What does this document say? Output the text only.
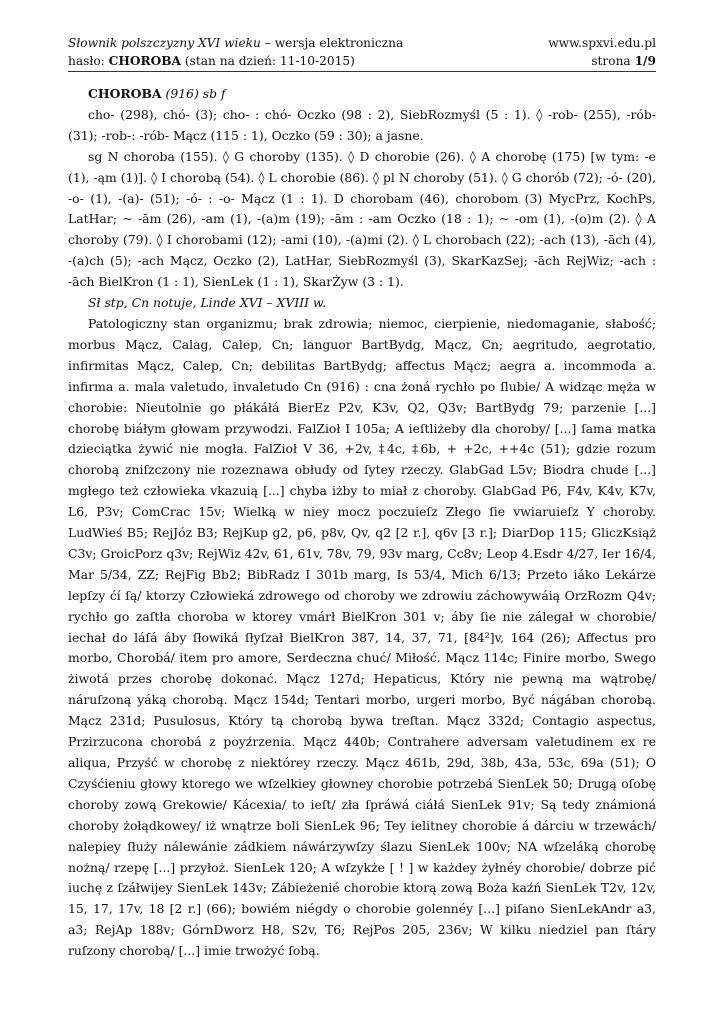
Słownik polszczyzny XVI wieku – wersja elektroniczna	www.spxvi.edu.pl
hasło: CHOROBA (stan na dzień: 11-10-2015)	strona 1/9

CHOROBA (916) sb f

cho- (298), chó- (3); cho- : chó- Oczko (98 : 2), SiebRozmyśl (5 : 1). ◊ -rob- (255), -rób- (31); -rob-: -rób- Mącz (115 : 1), Oczko (59 : 30); a jasne.

sg N choroba (155). ◊ G choroby (135). ◊ D chorobie (26). ◊ A chorobę (175) [w tym: -e (1), -ąm (1)]. ◊ I chorobą (54). ◊ L chorobie (86). ◊ pl N choroby (51). ◊ G chorób (72); -ó- (20), -o- (1), -(a)- (51); -ó- : -o- Mącz (1 : 1). D chorobam (46), chorobom (3) MycPrz, KochPs, LatHar; ~ -ām (26), -am (1), -(a)m (19); -ām : -am Oczko (18 : 1); ~ -om (1), -(o)m (2). ◊ A choroby (79). ◊ I chorobami (12); -ami (10), -(a)mi (2). ◊ L chorobach (22); -ach (13), -āch (4), -(a)ch (5); -ach Mącz, Oczko (2), LatHar, SiebRozmyśl (3), SkarKazSej; -āch RejWiz; -ach : -āch BielKron (1 : 1), SienLek (1 : 1), SkarŻyw (3 : 1).

Sł stp, Cn notuje, Linde XVI – XVIII w.

Patologiczny stan organizmu; brak zdrowia; niemoc, cierpienie, niedomaganie, słabość; morbus Mącz, Calag, Calep, Cn; languor BartBydg, Mącz, Cn; aegritudo, aegrotatio, infirmitas Mącz, Calep, Cn; debilitas BartBydg; affectus Mącz; aegra a. incommoda a. infirma a. mala valetudo, invaletudo Cn (916) : cna żoná rychło po ſlubie/ A widząc męża w chorobie: Nieutolnie go płákáłá BierEz P2v, K3v, Q2, Q3v; BartBydg 79; parzenie [...] chorobę biáłym głowam przywodzi. FalZioł I 105a; A ieſtliżeby dla choroby/ [...] ſama matka dzieciątka żywić nie mogła. FalZioł V 36, +2v, ‡4c, ‡6b, + +2c, ++4c (51); gdzie rozum chorobą zniſzczony nie rozeznawa obłudy od ſytey rzeczy. GlabGad L5v; Biodra chude [...] mgłego też człowieka vkazuią [...] chyba iżby to miał z choroby. GlabGad P6, F4v, K4v, K7v, L6, P3v; ComCrac 15v; Wielką w niey mocz poczuieſz Złego ſie vwiaruieſz Y choroby. LudWieś B5; RejJóz B3; RejKup g2, p6, p8v, Qv, q2 [2 r.], q6v [3 r.]; DiarDop 115; GliczKsiąż C3v; GroicPorz q3v; RejWiz 42v, 61, 61v, 78v, 79, 93v marg, Cc8v; Leop 4.Esdr 4/27, Ier 16/4, Mar 5/34, ZZ; RejFig Bb2; BibRadz I 301b marg, Is 53/4, Mich 6/13; Przeto iáko Lekárze lepſzy ćí ſą/ ktorzy Człowieká zdrowego od choroby we zdrowiu záchowywáią OrzRozm Q4v; rychło go zaſtła choroba w ktorey vmárł BielKron 301 v; áby ſie nie zálegał w chorobie/ iechał do láſá áby ſłowiká ſłyſzał BielKron 387, 14, 37, 71, [84²]v, 164 (26); Affectus pro morbo, Chorobá/ item pro amore, Serdeczna chuć/ Miłość. Mącz 114c; Finire morbo, Swego żiwotá przes chorobę dokonać. Mącz 127d; Hepaticus, Który nie pewną ma wątrobę/ náruſzoną yáką chorobą. Mącz 154d; Tentari morbo, urgeri morbo, Być nágában chorobą. Mącz 231d; Pusulosus, Który tą chorobą bywa treſtan. Mącz 332d; Contagio aspectus, Przirzucona chorobá z poyźrzenia. Mącz 440b; Contrahere adversam valetudinem ex re aliqua, Przyść w chorobę z niektórey rzeczy. Mącz 461b, 29d, 38b, 43a, 53c, 69a (51); O Czyśćieniu głowy ktorego we wſzelkiey głowney chorobie potrzebá SienLek 50; Drugą oſobę choroby zową Grekowie/ Kácexia/ to ieſt/ zła ſpráwá ciáłá SienLek 91v; Są tedy známioná choroby żołądkowey/ iż wnątrze boli SienLek 96; Tey ielitney chorobie á dárciu w trzewách/ nalepiey ſłuży nálewánie zádkiem náwárzywſzy ślazu SienLek 100v; NA wſzeláką chorobę nożną/ rzepę [...] przyłoż. SienLek 120; A wſzykże [ ! ] w każdey żyłnéy chorobie/ dobrze pić iuchę z ſzáłwijey SienLek 143v; Zábieżenié chorobie ktorą zową Boża kaźń SienLek T2v, 12v, 15, 17, 17v, 18 [2 r.] (66); bowiém niégdy o chorobie golennéy [...] piſano SienLekAndr a3, a3; RejAp 188v; GórnDworz H8, S2v, T6; RejPos 205, 236v; W kilku niedziel pan ſtáry ruſzony chorobą/ [...] imie trwożyć ſobą.
